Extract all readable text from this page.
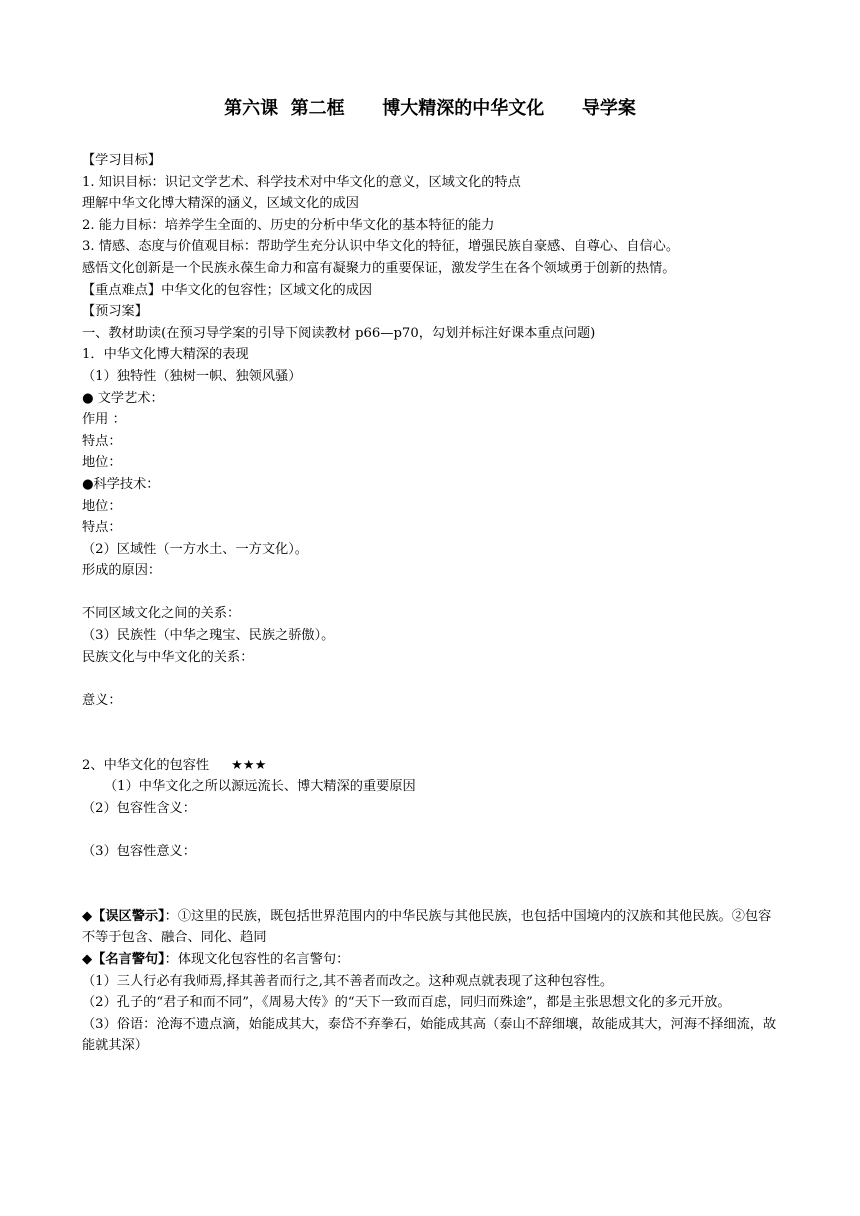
第六课  第二框      博大精深的中华文化      导学案
【学习目标】
1. 知识目标：识记文学艺术、科学技术对中华文化的意义，区域文化的特点
理解中华文化博大精深的涵义，区域文化的成因
2. 能力目标：培养学生全面的、历史的分析中华文化的基本特征的能力
3. 情感、态度与价值观目标：帮助学生充分认识中华文化的特征，增强民族自豪感、自尊心、自信心。
感悟文化创新是一个民族永葆生命力和富有凝聚力的重要保证，激发学生在各个领域勇于创新的热情。
【重点难点】中华文化的包容性；区域文化的成因
【预习案】
一、教材助读(在预习导学案的引导下阅读教材 p66—p70，勾划并标注好课本重点问题)
1．中华文化博大精深的表现
（1）独特性（独树一帜、独领风骚）
● 文学艺术：
作用 ：
特点：
地位：
●科学技术：
地位：
特点：
（2）区域性（一方水土、一方文化）。
形成的原因：
不同区域文化之间的关系：
（3）民族性（中华之瑰宝、民族之骄傲）。
民族文化与中华文化的关系：
意义：
2、中华文化的包容性 ★★★
（1）中华文化之所以源远流长、博大精深的重要原因
（2）包容性含义：
（3）包容性意义：
◆【误区警示】：①这里的民族，既包括世界范围内的中华民族与其他民族，也包括中国境内的汉族和其他民族。②包容不等于包含、融合、同化、趋同
◆【名言警句】：体现文化包容性的名言警句：
（1）三人行必有我师焉,择其善者而行之,其不善者而改之。这种观点就表现了这种包容性。
（2）孔子的“君子和而不同”，《周易大传》的“天下一致而百虑，同归而殊途”，都是主张思想文化的多元开放。
（3）俗语：沧海不遗点滴，始能成其大，泰岱不弃拳石，始能成其高（泰山不辞细壤，故能成其大，河海不择细流，故能就其深）
